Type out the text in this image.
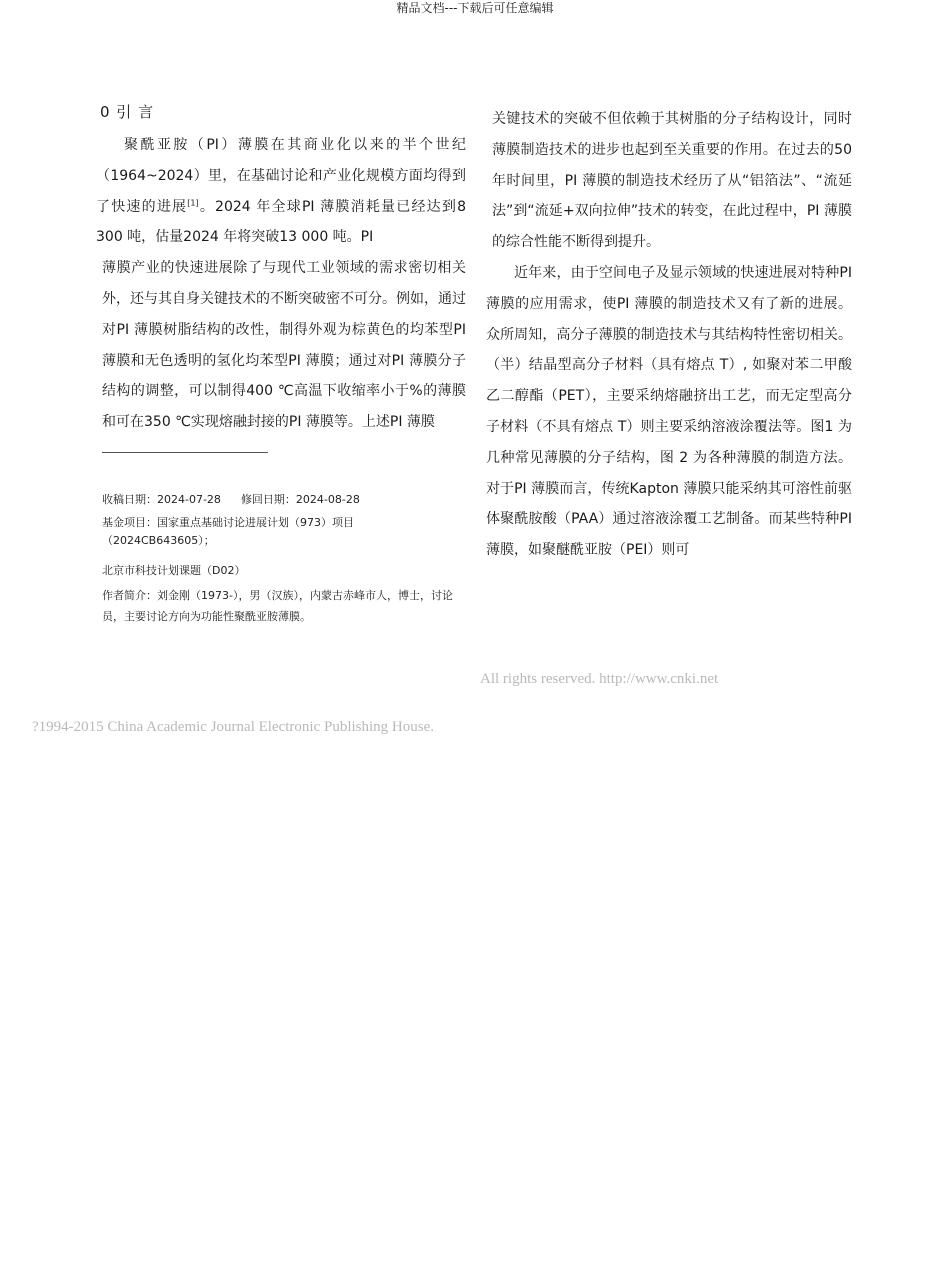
精品文档---下载后可任意编辑
0 引 言

聚酰亚胺（PI）薄膜在其商业化以来的半个世纪（1964~2024）里，在基础讨论和产业化规模方面均得到了快速的进展[1]。2024 年全球PI 薄膜消耗量已经达到8 300 吨，估量2024 年将突破13 000 吨。PI

薄膜产业的快速进展除了与现代工业领域的需求密切相关外，还与其自身关键技术的不断突破密不可分。例如，通过对PI 薄膜树脂结构的改性，制得外观为棕黄色的均苯型PI 薄膜和无色透明的氢化均苯型PI 薄膜；通过对PI 薄膜分子结构的调整，可以制得400 ℃高温下收缩率小于%的薄膜和可在350 ℃实现熔融封接的PI 薄膜等。上述PI 薄膜

收稿日期：2024-07-28 修回日期：2024-08-28

基金项目：国家重点基础讨论进展计划（973）项目（2024CB643605）；

北京市科技计划课题（D02）

作者简介：刘金刚（1973-），男（汉族），内蒙古赤峰市人，博士，讨论员，主要讨论方向为功能性聚酰亚胺薄膜。

关键技术的突破不但依赖于其树脂的分子结构设计，同时薄膜制造技术的进步也起到至关重要的作用。在过去的50 年时间里，PI 薄膜的制造技术经历了从“铝箔法”、“流延法”到“流延+双向拉伸”技术的转变，在此过程中，PI 薄膜的综合性能不断得到提升。

近年来，由于空间电子及显示领域的快速进展对特种PI 薄膜的应用需求，使PI 薄膜的制造技术又有了新的进展。众所周知，高分子薄膜的制造技术与其结构特性密切相关。（半）结晶型高分子材料（具有熔点 T）, 如聚对苯二甲酸乙二醇酯（PET），主要采纳熔融挤出工艺，而无定型高分子材料（不具有熔点 T）则主要采纳溶液涂覆法等。图1 为几种常见薄膜的分子结构，图 2 为各种薄膜的制造方法。对于PI 薄膜而言，传统Kapton 薄膜只能采纳其可溶性前驱体聚酰胺酸（PAA）通过溶液涂覆工艺制备。而某些特种PI 薄膜，如聚醚酰亚胺（PEI）则可

All rights reserved. http://www.cnki.net
?1994-2015 China Academic Journal Electronic Publishing House.
